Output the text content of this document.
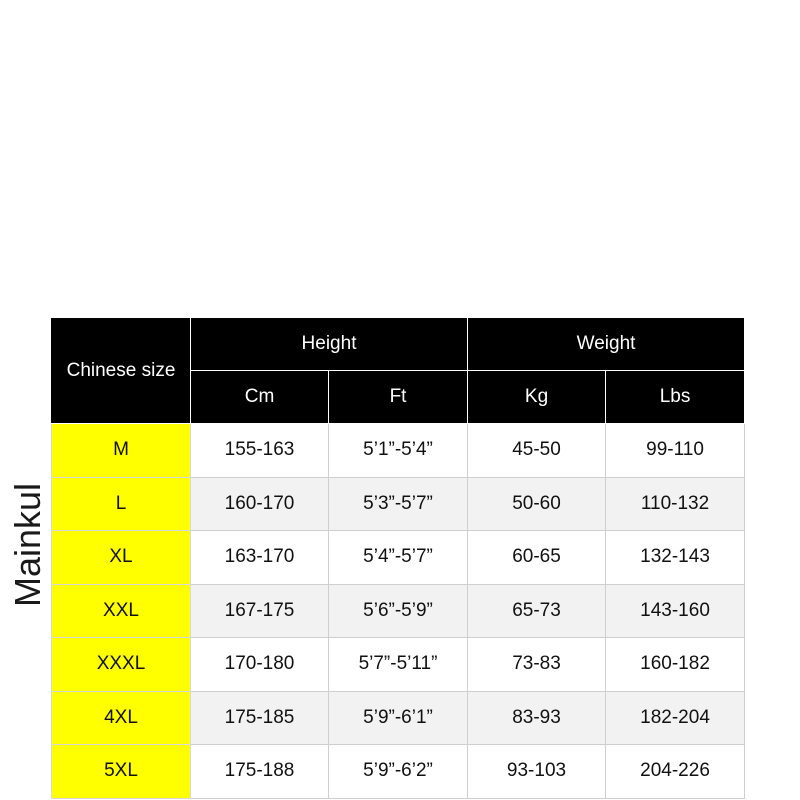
Mainkul
Chinese size	Height		Weight	
	Cm	Ft	Kg	Lbs
M	155-163	5’1”-5’4”	45-50	99-110
L	160-170	5’3”-5’7”	50-60	110-132
XL	163-170	5’4”-5’7”	60-65	132-143
XXL	167-175	5’6”-5’9”	65-73	143-160
XXXL	170-180	5’7”-5’11”	73-83	160-182
4XL	175-185	5’9”-6’1”	83-93	182-204
5XL	175-188	5’9”-6’2”	93-103	204-226
